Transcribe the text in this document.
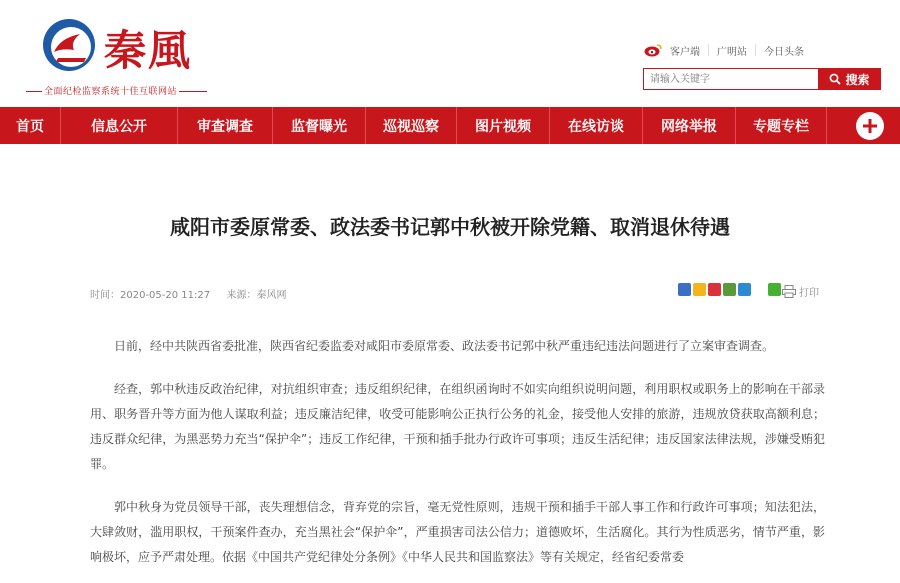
秦風
全面纪检监察系统十佳互联网站
客户端 广明站 今日头条
请输入关键字
搜索
首页	信息公开	审查调查	监督曝光	巡视巡察	图片视频	在线访谈	网络举报	专题专栏
咸阳市委原常委、政法委书记郭中秋被开除党籍、取消退休待遇
时间：2020-05-20 11:27 来源：秦风网	打印

日前，经中共陕西省委批准，陕西省纪委监委对咸阳市委原常委、政法委书记郭中秋严重违纪违法问题进行了立案审查调查。

经查，郭中秋违反政治纪律，对抗组织审查；违反组织纪律，在组织函询时不如实向组织说明问题，利用职权或职务上的影响在干部录用、职务晋升等方面为他人谋取利益；违反廉洁纪律，收受可能影响公正执行公务的礼金，接受他人安排的旅游，违规放贷获取高额利息；违反群众纪律，为黑恶势力充当“保护伞”；违反工作纪律，干预和插手批办行政许可事项；违反生活纪律；违反国家法律法规，涉嫌受贿犯罪。

郭中秋身为党员领导干部，丧失理想信念，背弃党的宗旨，毫无党性原则，违规干预和插手干部人事工作和行政许可事项；知法犯法，大肆敛财，滥用职权，干预案件查办，充当黑社会“保护伞”，严重损害司法公信力；道德败坏，生活腐化。其行为性质恶劣，情节严重，影响极坏，应予严肃处理。依据《中国共产党纪律处分条例》《中华人民共和国监察法》等有关规定，经省纪委常委
